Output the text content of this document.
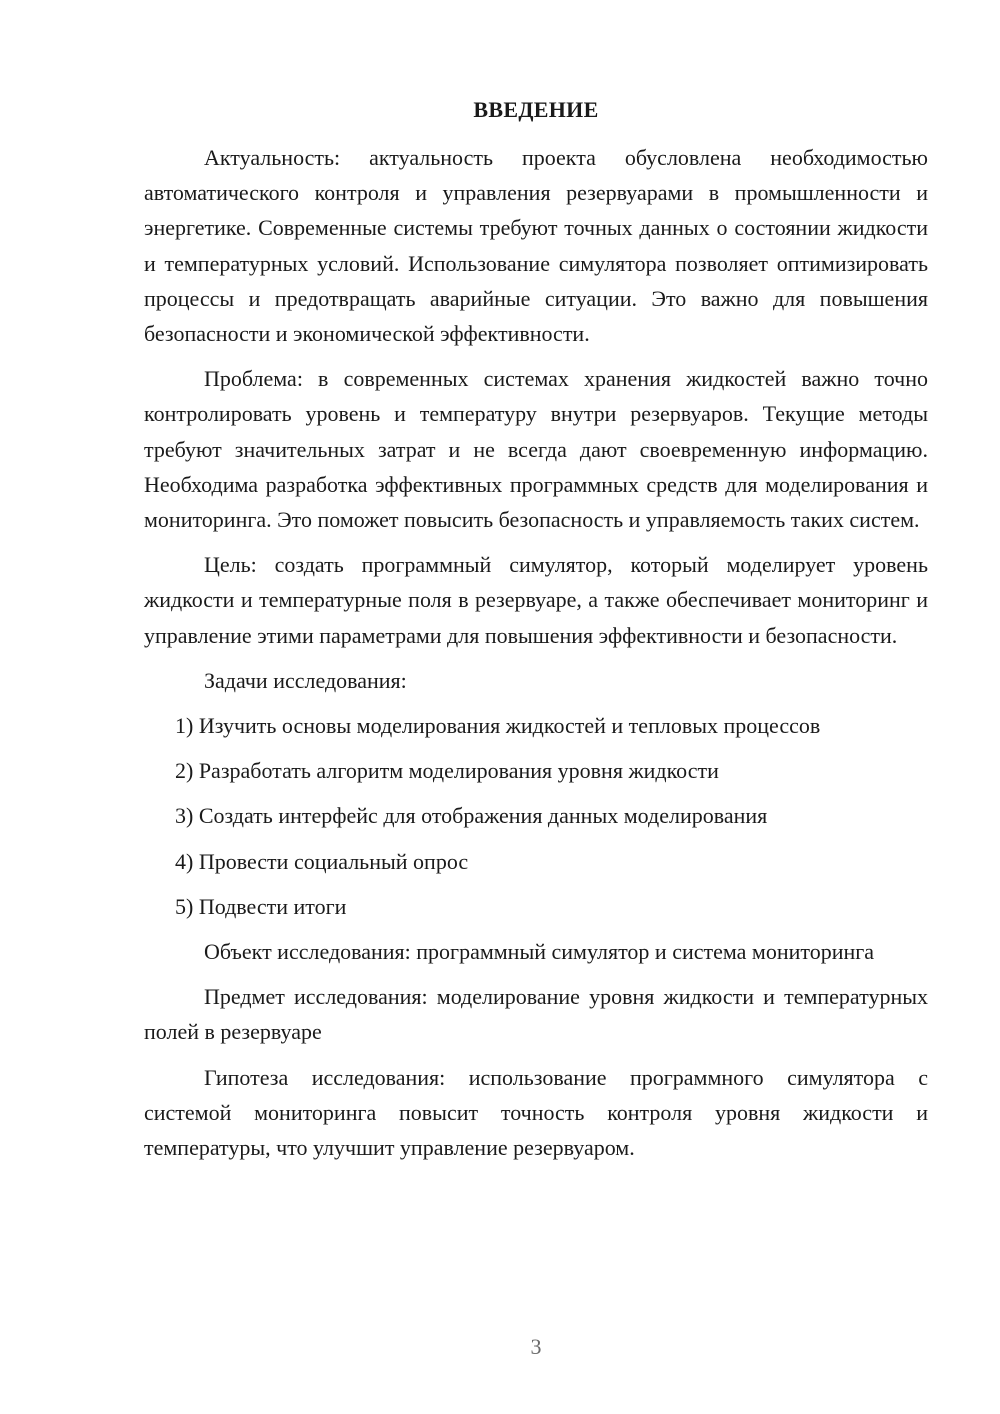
ВВЕДЕНИЕ

Актуальность: актуальность проекта обусловлена необходимостью автоматического контроля и управления резервуарами в промышленности и энергетике. Современные системы требуют точных данных о состоянии жидкости и температурных условий. Использование симулятора позволяет оптимизировать процессы и предотвращать аварийные ситуации. Это важно для повышения безопасности и экономической эффективности.

Проблема: в современных системах хранения жидкостей важно точно контролировать уровень и температуру внутри резервуаров. Текущие методы требуют значительных затрат и не всегда дают своевременную информацию. Необходима разработка эффективных программных средств для моделирования и мониторинга. Это поможет повысить безопасность и управляемость таких систем.

Цель: создать программный симулятор, который моделирует уровень жидкости и температурные поля в резервуаре, а также обеспечивает мониторинг и управление этими параметрами для повышения эффективности и безопасности.

Задачи исследования:

1) Изучить основы моделирования жидкостей и тепловых процессов
2) Разработать алгоритм моделирования уровня жидкости
3) Создать интерфейс для отображения данных моделирования
4) Провести социальный опрос
5) Подвести итоги

Объект исследования: программный симулятор и система мониторинга

Предмет исследования: моделирование уровня жидкости и температурных полей в резервуаре

Гипотеза исследования: использование программного симулятора с системой мониторинга повысит точность контроля уровня жидкости и температуры, что улучшит управление резервуаром.

3
